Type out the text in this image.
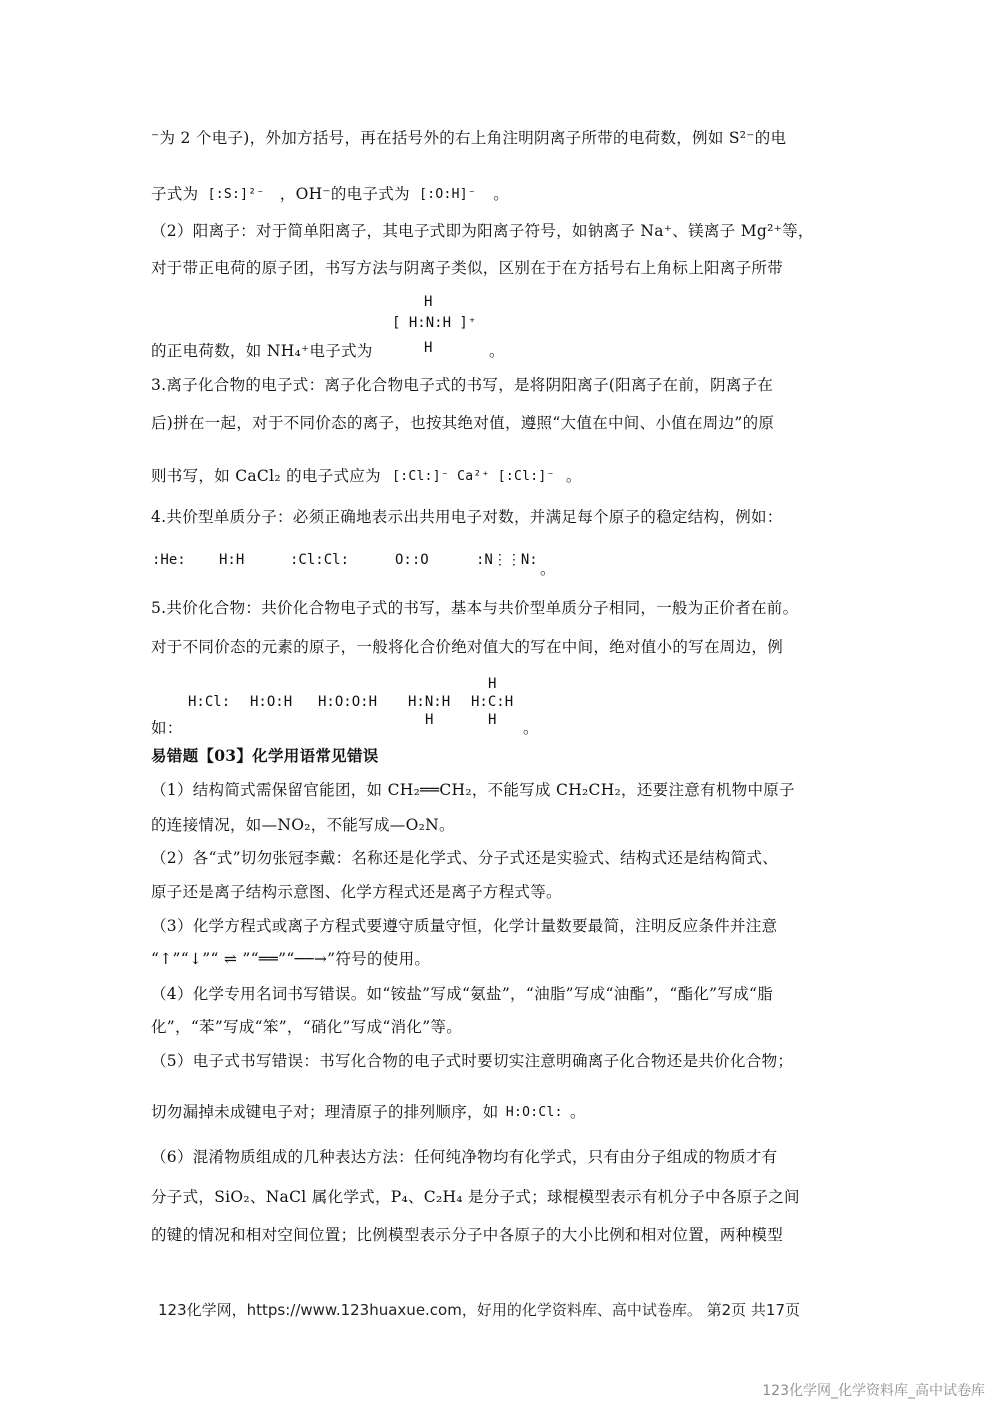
⁻为 2 个电子)，外加方括号，再在括号外的右上角注明阴离子所带的电荷数，例如 S²⁻的电
子式为 [:S:]²⁻ ，OH⁻的电子式为 [:O:H]⁻ 。
（2）阳离子：对于简单阳离子，其电子式即为阳离子符号，如钠离子 Na⁺、镁离子 Mg²⁺等，
对于带正电荷的原子团，书写方法与阴离子类似，区别在于在方括号右上角标上阳离子所带
H
[ H:N:H ]⁺
H
的正电荷数，如 NH₄⁺电子式为	。
3.离子化合物的电子式：离子化合物电子式的书写，是将阴阳离子(阳离子在前，阴离子在
后)拼在一起，对于不同价态的离子，也按其绝对值，遵照“大值在中间、小值在周边”的原
则书写，如 CaCl₂ 的电子式应为 [:Cl:]⁻ Ca²⁺ [:Cl:]⁻ 。
4.共价型单质分子：必须正确地表示出共用电子对数，并满足每个原子的稳定结构，例如：
:He: H:H	:Cl:Cl:	O::O	:N⋮⋮N: 。
5.共价化合物：共价化合物电子式的书写，基本与共价型单质分子相同，一般为正价者在前。
对于不同价态的元素的原子，一般将化合价绝对值大的写在中间，绝对值小的写在周边，例
H:Cl: H:O:H H:O:O:H H:N:H
H
H
H:C:H
H
如：	。
易错题【03】化学用语常见错误
（1）结构简式需保留官能团，如 CH₂══CH₂，不能写成 CH₂CH₂，还要注意有机物中原子
的连接情况，如—NO₂，不能写成—O₂N。
（2）各“式”切勿张冠李戴：名称还是化学式、分子式还是实验式、结构式还是结构简式、
原子还是离子结构示意图、化学方程式还是离子方程式等。
（3）化学方程式或离子方程式要遵守质量守恒，化学计量数要最简，注明反应条件并注意
“↑”“↓”“ ⇌ ”“══”“──→”符号的使用。
（4）化学专用名词书写错误。如“铵盐”写成“氨盐”，“油脂”写成“油酯”，“酯化”写成“脂
化”，“苯”写成“笨”，“硝化”写成“消化”等。
（5）电子式书写错误：书写化合物的电子式时要切实注意明确离子化合物还是共价化合物；
切勿漏掉未成键电子对；理清原子的排列顺序，如 H:O:Cl: 。
（6）混淆物质组成的几种表达方法：任何纯净物均有化学式，只有由分子组成的物质才有
分子式，SiO₂、NaCl 属化学式，P₄、C₂H₄ 是分子式；球棍模型表示有机分子中各原子之间
的键的情况和相对空间位置；比例模型表示分子中各原子的大小比例和相对位置，两种模型
123化学网，https://www.123huaxue.com，好用的化学资料库、高中试卷库。 第2页 共17页
123化学网_化学资料库_高中试卷库
